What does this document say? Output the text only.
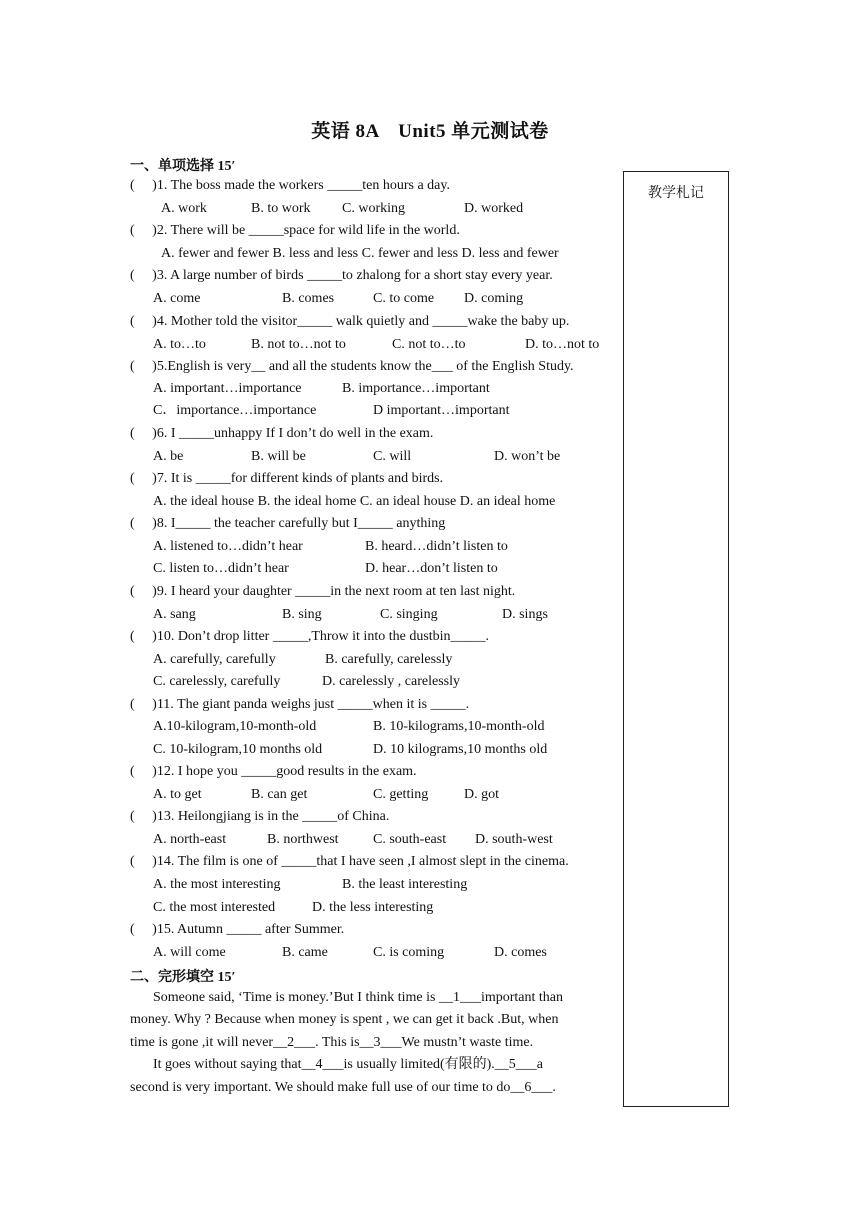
英语 8A　Unit5 单元测试卷
一、单项选择 15′
教学札记
(     )1. The boss made the workers _____ten hours a day.
A. work	B. to work C. working	D. worked
(     )2. There will be _____space for wild life in the world.
A. fewer and fewer B. less and less C. fewer and less D. less and fewer
(     )3. A large number of birds _____to zhalong for a short stay every year.
A. come	B. comes	C. to come D. coming
(     )4. Mother told the visitor_____ walk quietly and _____wake the baby up.
A. to…to	B. not to…not to	C. not to…to	D. to…not to
(     )5.English is very__ and all the students know the___ of the English Study.
A. important…importance	B. importance…important
C．importance…importance	D important…important
(     )6. I _____unhappy If I don’t do well in the exam.
A. be	B. will be	C. will	D. won’t be
(     )7. It is _____for different kinds of plants and birds.
A. the ideal house B. the ideal home C. an ideal house D. an ideal home
(     )8. I_____ the teacher carefully but I_____ anything
A. listened to…didn’t hear	B. heard…didn’t listen to
C. listen to…didn’t hear	D. hear…don’t listen to
(     )9. I heard your daughter _____in the next room at ten last night.
A. sang	B. sing	C. singing	D. sings
(     )10. Don’t drop litter _____,Throw it into the dustbin_____.
A. carefully, carefully	B. carefully, carelessly
C. carelessly, carefully	D. carelessly , carelessly
(     )11. The giant panda weighs just _____when it is _____.
A.10-kilogram,10-month-old	B. 10-kilograms,10-month-old
C. 10-kilogram,10 months old	D. 10 kilograms,10 months old
(     )12. I hope you _____good results in the exam.
A. to get	B. can get	C. getting	D. got
(     )13. Heilongjiang is in the _____of China.
A. north-east	B. northwest C. south-east D. south-west
(     )14. The film is one of _____that I have seen ,I almost slept in the cinema.
A. the most interesting	B. the least interesting
C. the most interested	D. the less interesting
(     )15. Autumn _____ after Summer.
A. will come	B. came	C. is coming	D. comes
二、完形填空 15′
Someone said, ‘Time is money.’But I think time is __1___important than
money. Why ? Because when money is spent , we can get it back .But, when
time is gone ,it will never__2___. This is__3___We mustn’t waste time.
It goes without saying that__4___is usually limited(有限的).__5___a
second is very important. We should make full use of our time to do__6___.
